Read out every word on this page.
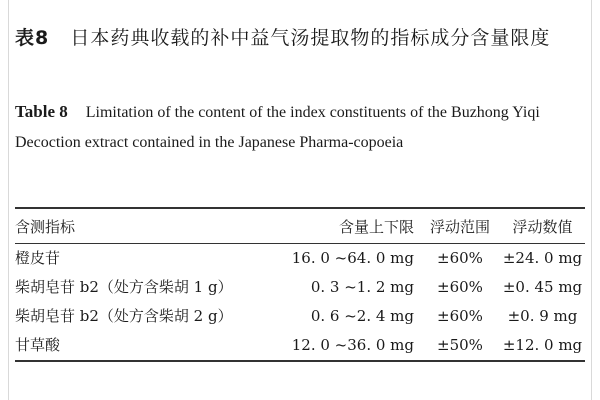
表8 日本药典收载的补中益气汤提取物的指标成分含量限度
Table 8 Limitation of the content of the index constituents of the Buzhong Yiqi Decoction extract contained in the Japanese Pharma-copoeia
含测指标	含量上下限	浮动范围	浮动数值
橙皮苷	16. 0 ~64. 0 mg	±60%	±24. 0 mg
柴胡皂苷 b2（处方含柴胡 1 g）	0. 3 ~1. 2 mg	±60%	±0. 45 mg
柴胡皂苷 b2（处方含柴胡 2 g）	0. 6 ~2. 4 mg	±60%	±0. 9 mg
甘草酸	12. 0 ~36. 0 mg	±50%	±12. 0 mg
